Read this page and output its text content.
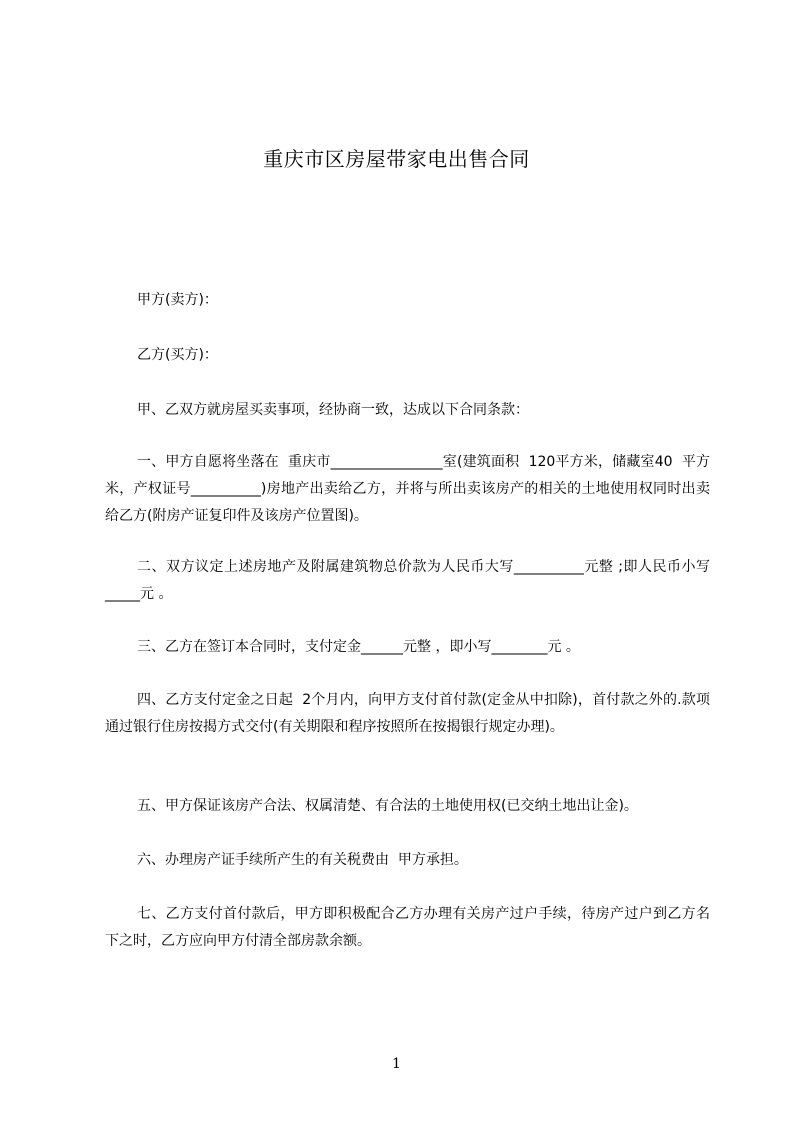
重庆市区房屋带家电出售合同
甲方(卖方)：
乙方(买方)：
甲、乙双方就房屋买卖事项，经协商一致，达成以下合同条款：
一、甲方自愿将坐落在  重庆市________________室(建筑面积  120平方米，储藏室40  平方米，产权证号__________)房地产出卖给乙方，并将与所出卖该房产的相关的土地使用权同时出卖给乙方(附房产证复印件及该房产位置图)。
二、双方议定上述房地产及附属建筑物总价款为人民币大写__________元整 ;即人民币小写_____元 。
三、乙方在签订本合同时，支付定金______元整 ，即小写________元 。
四、乙方支付定金之日起  2个月内，向甲方支付首付款(定金从中扣除)，首付款之外的.款项通过银行住房按揭方式交付(有关期限和程序按照所在按揭银行规定办理)。
五、甲方保证该房产合法、权属清楚、有合法的土地使用权(已交纳土地出让金)。
六、办理房产证手续所产生的有关税费由  甲方承担。
七、乙方支付首付款后，甲方即积极配合乙方办理有关房产过户手续，待房产过户到乙方名下之时，乙方应向甲方付清全部房款余额。
1
